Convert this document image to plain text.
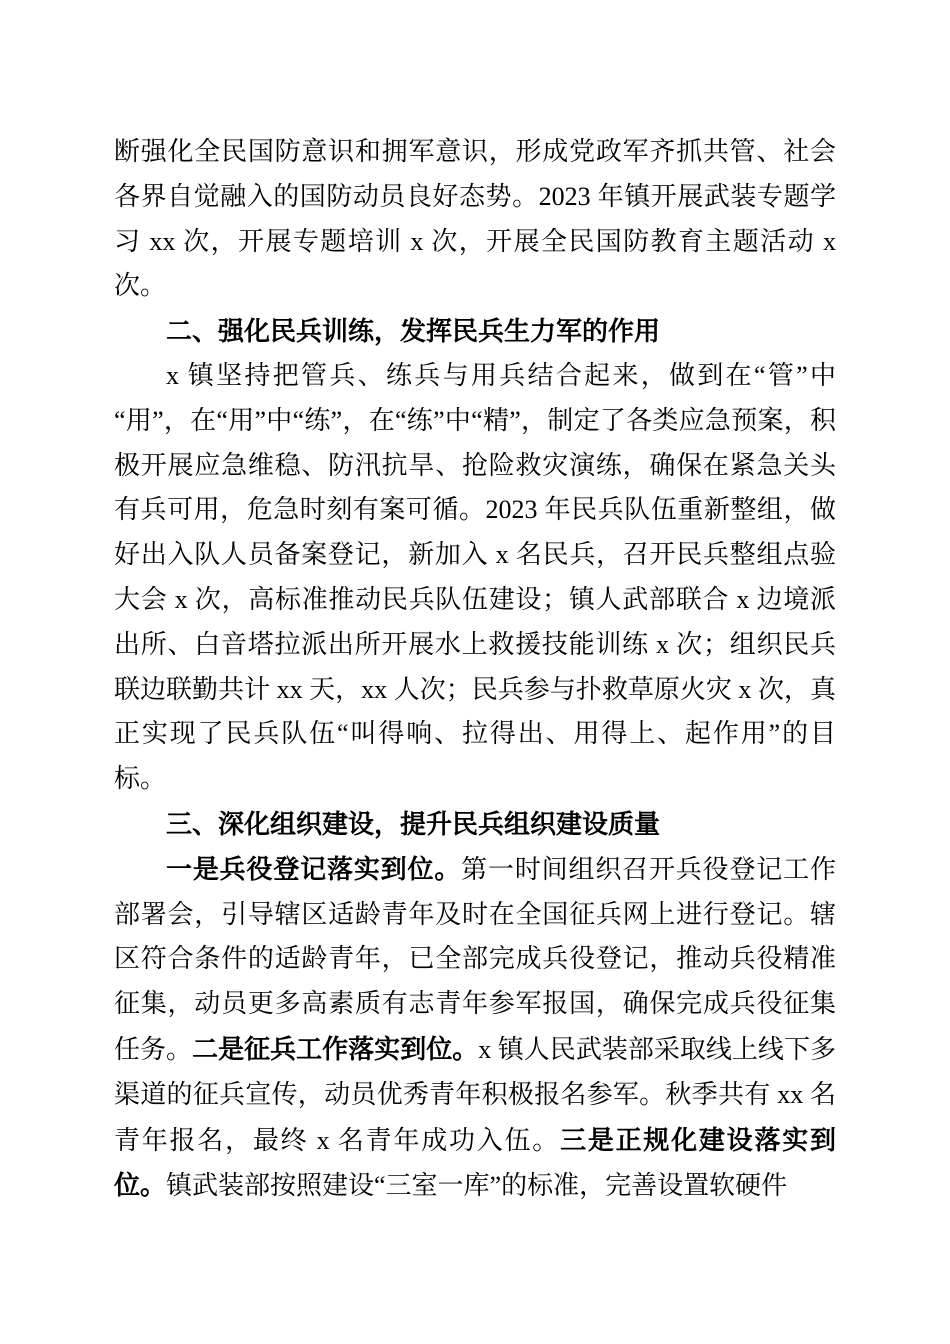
断强化全民国防意识和拥军意识，形成党政军齐抓共管、社会各界自觉融入的国防动员良好态势。2023 年镇开展武装专题学习 xx 次，开展专题培训 x 次，开展全民国防教育主题活动 x 次。

二、强化民兵训练，发挥民兵生力军的作用

x 镇坚持把管兵、练兵与用兵结合起来，做到在“管”中“用”，在“用”中“练”，在“练”中“精”，制定了各类应急预案，积极开展应急维稳、防汛抗旱、抢险救灾演练，确保在紧急关头有兵可用，危急时刻有案可循。2023 年民兵队伍重新整组，做好出入队人员备案登记，新加入 x 名民兵，召开民兵整组点验大会 x 次，高标准推动民兵队伍建设；镇人武部联合 x 边境派出所、白音塔拉派出所开展水上救援技能训练 x 次；组织民兵联边联勤共计 xx 天，xx 人次；民兵参与扑救草原火灾 x 次，真正实现了民兵队伍“叫得响、拉得出、用得上、起作用”的目标。

三、深化组织建设，提升民兵组织建设质量

一是兵役登记落实到位。第一时间组织召开兵役登记工作部署会，引导辖区适龄青年及时在全国征兵网上进行登记。辖区符合条件的适龄青年，已全部完成兵役登记，推动兵役精准征集，动员更多高素质有志青年参军报国，确保完成兵役征集任务。二是征兵工作落实到位。x 镇人民武装部采取线上线下多渠道的征兵宣传，动员优秀青年积极报名参军。秋季共有 xx 名青年报名，最终 x 名青年成功入伍。三是正规化建设落实到位。镇武装部按照建设“三室一库”的标准，完善设置软硬件
